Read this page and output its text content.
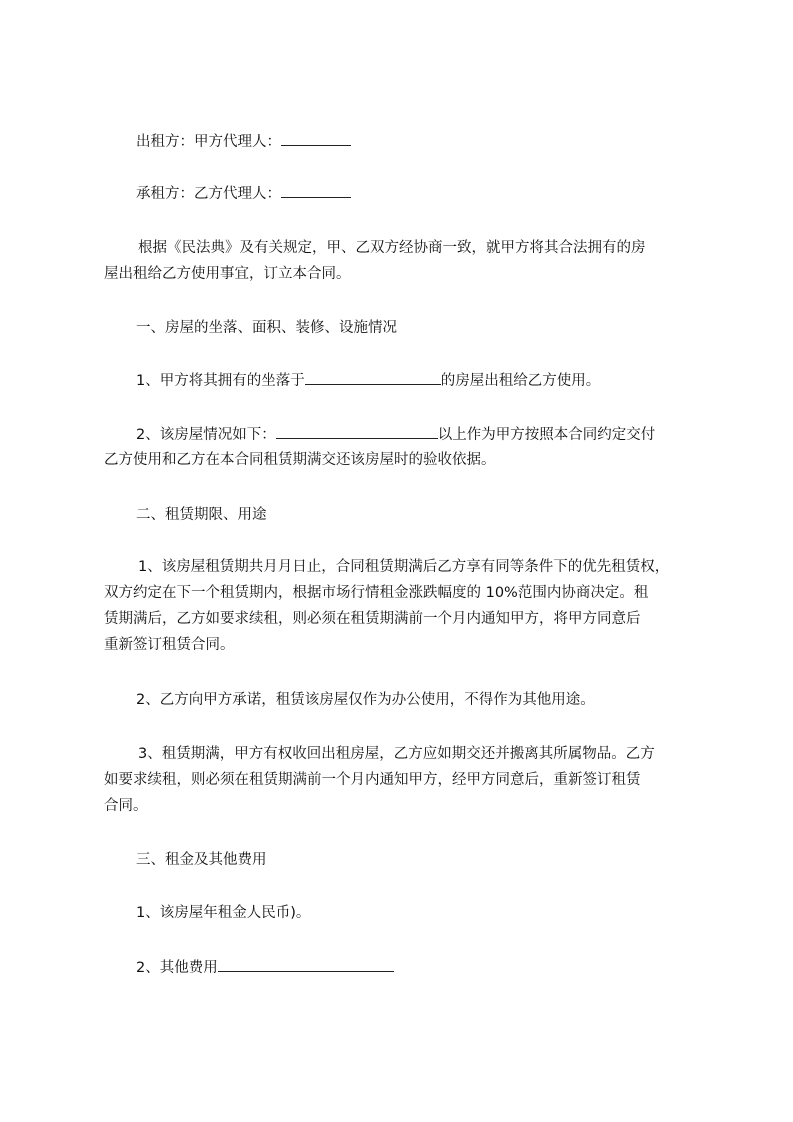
出租方：甲方代理人：
承租方：乙方代理人：
根据《民法典》及有关规定，甲、乙双方经协商一致，就甲方将其合法拥有的房
屋出租给乙方使用事宜，订立本合同。
一、房屋的坐落、面积、装修、设施情况
1、甲方将其拥有的坐落于	的房屋出租给乙方使用。
2、该房屋情况如下：	以上作为甲方按照本合同约定交付
乙方使用和乙方在本合同租赁期满交还该房屋时的验收依据。
二、租赁期限、用途
1、该房屋租赁期共月月日止，合同租赁期满后乙方享有同等条件下的优先租赁权，
双方约定在下一个租赁期内，根据市场行情租金涨跌幅度的 10%范围内协商决定。租
赁期满后，乙方如要求续租，则必须在租赁期满前一个月内通知甲方，将甲方同意后
重新签订租赁合同。
2、乙方向甲方承诺，租赁该房屋仅作为办公使用，不得作为其他用途。
3、租赁期满，甲方有权收回出租房屋，乙方应如期交还并搬离其所属物品。乙方
如要求续租，则必须在租赁期满前一个月内通知甲方，经甲方同意后，重新签订租赁
合同。
三、租金及其他费用
1、该房屋年租金人民币)。
2、其他费用
